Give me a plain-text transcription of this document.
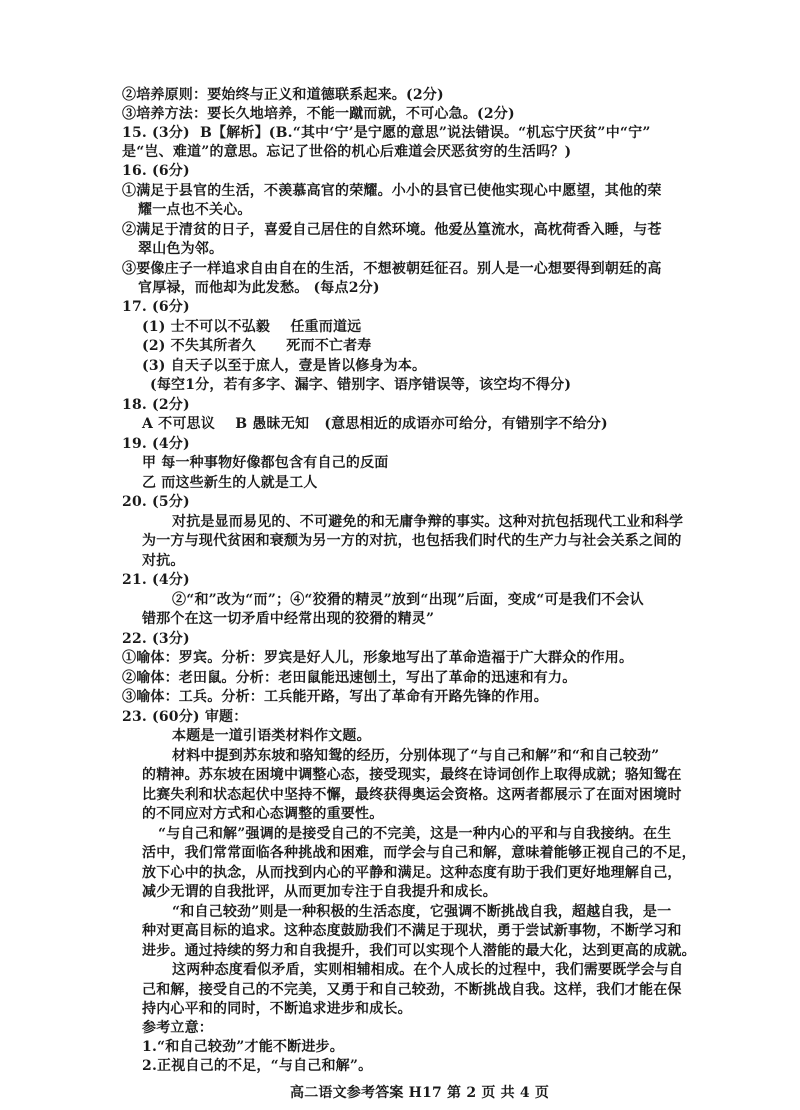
②培养原则：要始终与正义和道德联系起来。(2分)
③培养方法：要长久地培养，不能一蹴而就，不可心急。(2分)
15. (3分)  B【解析】(B.“其中‘宁’是宁愿的意思”说法错误。“机忘宁厌贫”中“宁”
是“岂、难道”的意思。忘记了世俗的机心后难道会厌恶贫穷的生活吗？)
16. (6分)
①满足于县官的生活，不羡慕高官的荣耀。小小的县官已使他实现心中愿望，其他的荣
耀一点也不关心。
②满足于清贫的日子，喜爱自己居住的自然环境。他爱丛篁流水，高枕荷香入睡，与苍
翠山色为邻。
③要像庄子一样追求自由自在的生活，不想被朝廷征召。别人是一心想要得到朝廷的高
官厚禄，而他却为此发愁。 (每点2分)
17. (6分)
(1) 士不可以不弘毅    任重而道远
(2) 不失其所者久      死而不亡者寿
(3) 自天子以至于庶人，壹是皆以修身为本。
(每空1分，若有多字、漏字、错别字、语序错误等，该空均不得分)
18. (2分)
A 不可思议    B 愚昧无知   (意思相近的成语亦可给分，有错别字不给分)
19. (4分)
甲 每一种事物好像都包含有自己的反面
乙 而这些新生的人就是工人
20. (5分)
对抗是显而易见的、不可避免的和无庸争辩的事实。这种对抗包括现代工业和科学
为一方与现代贫困和衰颓为另一方的对抗，也包括我们时代的生产力与社会关系之间的
对抗。
21. (4分)
②“和”改为“而”；④“狡猾的精灵”放到“出现”后面，变成“可是我们不会认
错那个在这一切矛盾中经常出现的狡猾的精灵”
22. (3分)
①喻体：罗宾。分析：罗宾是好人儿，形象地写出了革命造福于广大群众的作用。
②喻体：老田鼠。分析：老田鼠能迅速刨土，写出了革命的迅速和有力。
③喻体：工兵。分析：工兵能开路，写出了革命有开路先锋的作用。
23. (60分) 审题：
本题是一道引语类材料作文题。
材料中提到苏东坡和骆知鸳的经历，分别体现了“与自己和解”和“和自己较劲”
的精神。苏东坡在困境中调整心态，接受现实，最终在诗词创作上取得成就；骆知鸳在
比赛失利和状态起伏中坚持不懈，最终获得奥运会资格。这两者都展示了在面对困境时
的不同应对方式和心态调整的重要性。
“与自己和解”强调的是接受自己的不完美，这是一种内心的平和与自我接纳。在生
活中，我们常常面临各种挑战和困难，而学会与自己和解，意味着能够正视自己的不足，
放下心中的执念，从而找到内心的平静和满足。这种态度有助于我们更好地理解自己，
减少无谓的自我批评，从而更加专注于自我提升和成长。
“和自己较劲”则是一种积极的生活态度，它强调不断挑战自我，超越自我，是一
种对更高目标的追求。这种态度鼓励我们不满足于现状，勇于尝试新事物，不断学习和
进步。通过持续的努力和自我提升，我们可以实现个人潜能的最大化，达到更高的成就。
这两种态度看似矛盾，实则相辅相成。在个人成长的过程中，我们需要既学会与自
己和解，接受自己的不完美，又勇于和自己较劲，不断挑战自我。这样，我们才能在保
持内心平和的同时，不断追求进步和成长。
参考立意：
1.“和自己较劲”才能不断进步。
2.正视自己的不足，“与自己和解”。
高二语文参考答案 H17 第 2 页 共 4 页
